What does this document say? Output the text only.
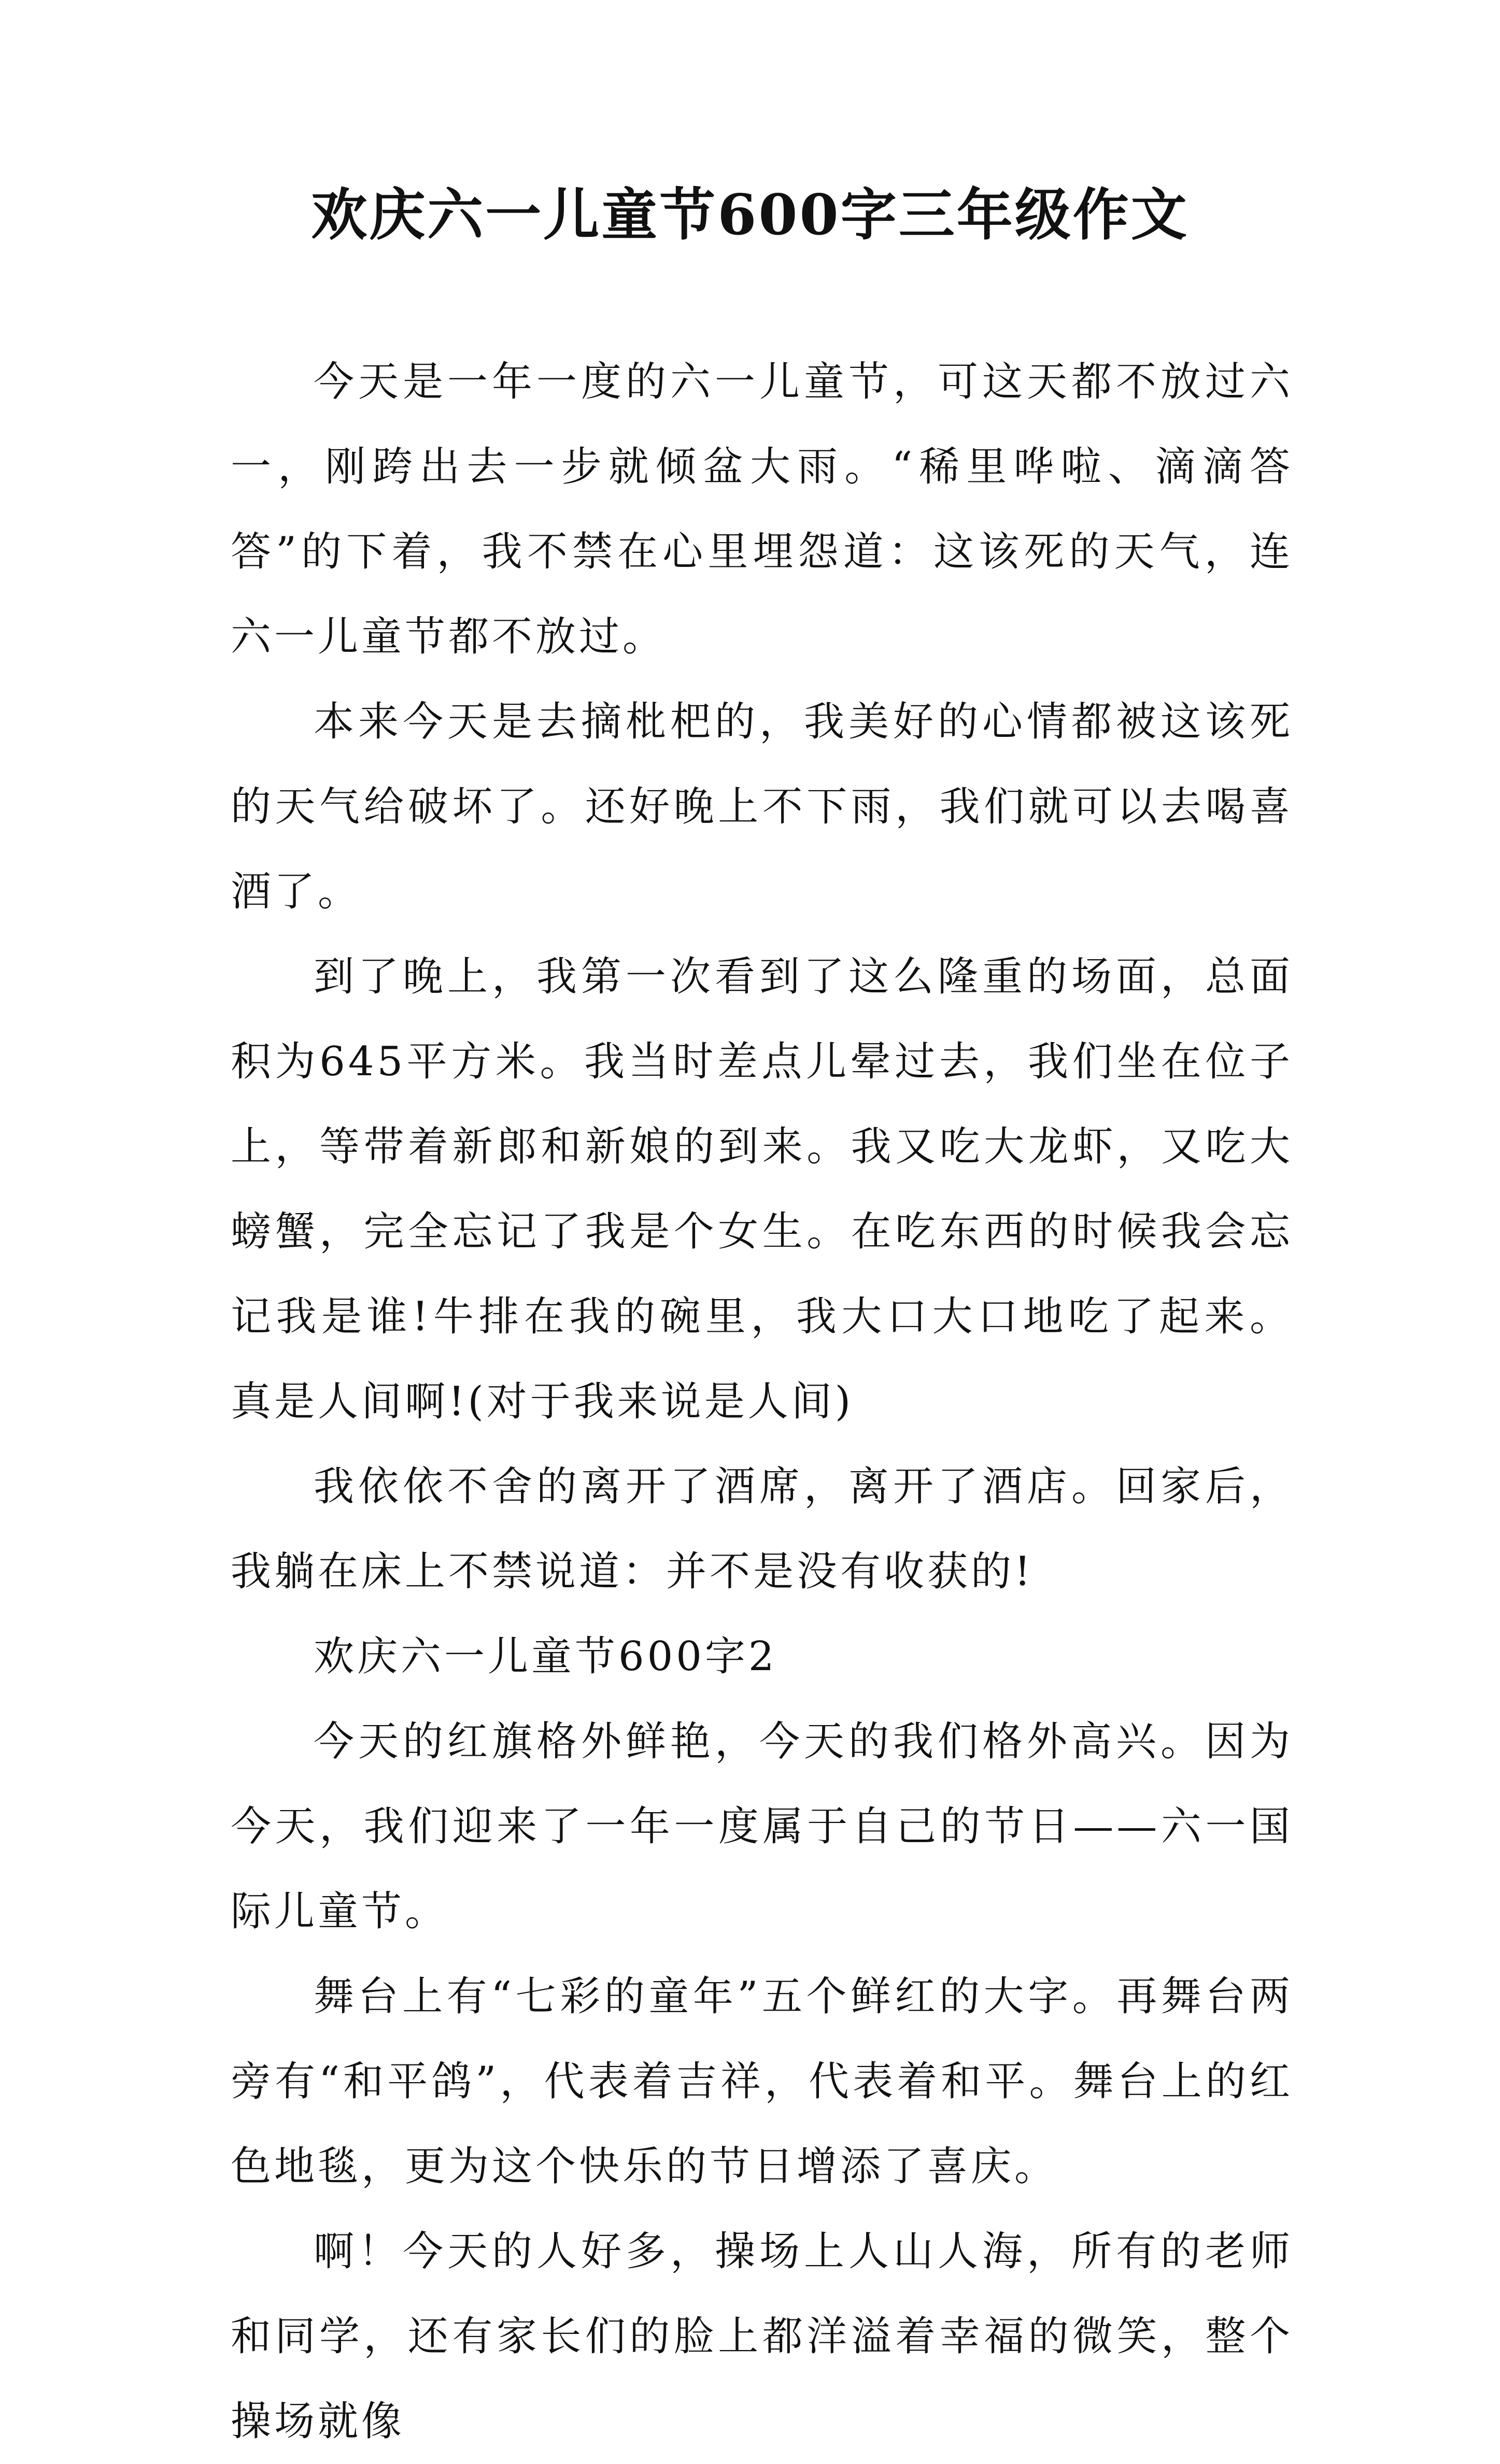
欢庆六一儿童节600字三年级作文

今天是一年一度的六一儿童节，可这天都不放过六一，刚跨出去一步就倾盆大雨。“稀里哗啦、滴滴答答”的下着，我不禁在心里埋怨道：这该死的天气，连六一儿童节都不放过。

本来今天是去摘枇杷的，我美好的心情都被这该死的天气给破坏了。还好晚上不下雨，我们就可以去喝喜酒了。

到了晚上，我第一次看到了这么隆重的场面，总面积为645平方米。我当时差点儿晕过去，我们坐在位子上，等带着新郎和新娘的到来。我又吃大龙虾，又吃大螃蟹，完全忘记了我是个女生。在吃东西的时候我会忘记我是谁!牛排在我的碗里，我大口大口地吃了起来。真是人间啊!(对于我来说是人间)

我依依不舍的离开了酒席，离开了酒店。回家后，我躺在床上不禁说道：并不是没有收获的!

欢庆六一儿童节600字2

今天的红旗格外鲜艳，今天的我们格外高兴。因为今天，我们迎来了一年一度属于自己的节日——六一国际儿童节。

舞台上有“七彩的童年”五个鲜红的大字。再舞台两旁有“和平鸽”，代表着吉祥，代表着和平。舞台上的红色地毯，更为这个快乐的节日增添了喜庆。

啊！今天的人好多，操场上人山人海，所有的老师和同学，还有家长们的脸上都洋溢着幸福的微笑，整个操场就像
